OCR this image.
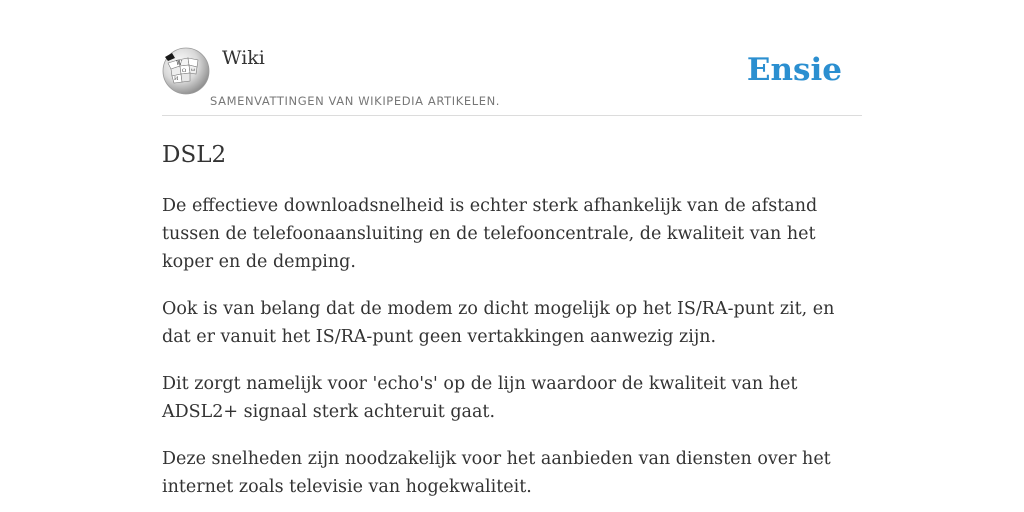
W
Ω
И
ω
Wiki
SAMENVATTINGEN VAN WIKIPEDIA ARTIKELEN.
Ensie
DSL2

De effectieve downloadsnelheid is echter sterk afhankelijk van de afstand tussen de telefoonaansluiting en de telefooncentrale, de kwaliteit van het koper en de demping.

Ook is van belang dat de modem zo dicht mogelijk op het IS/RA-punt zit, en dat er vanuit het IS/RA-punt geen vertakkingen aanwezig zijn.

Dit zorgt namelijk voor 'echo's' op de lijn waardoor de kwaliteit van het ADSL2+ signaal sterk achteruit gaat.

Deze snelheden zijn noodzakelijk voor het aanbieden van diensten over het internet zoals televisie van hogekwaliteit.
